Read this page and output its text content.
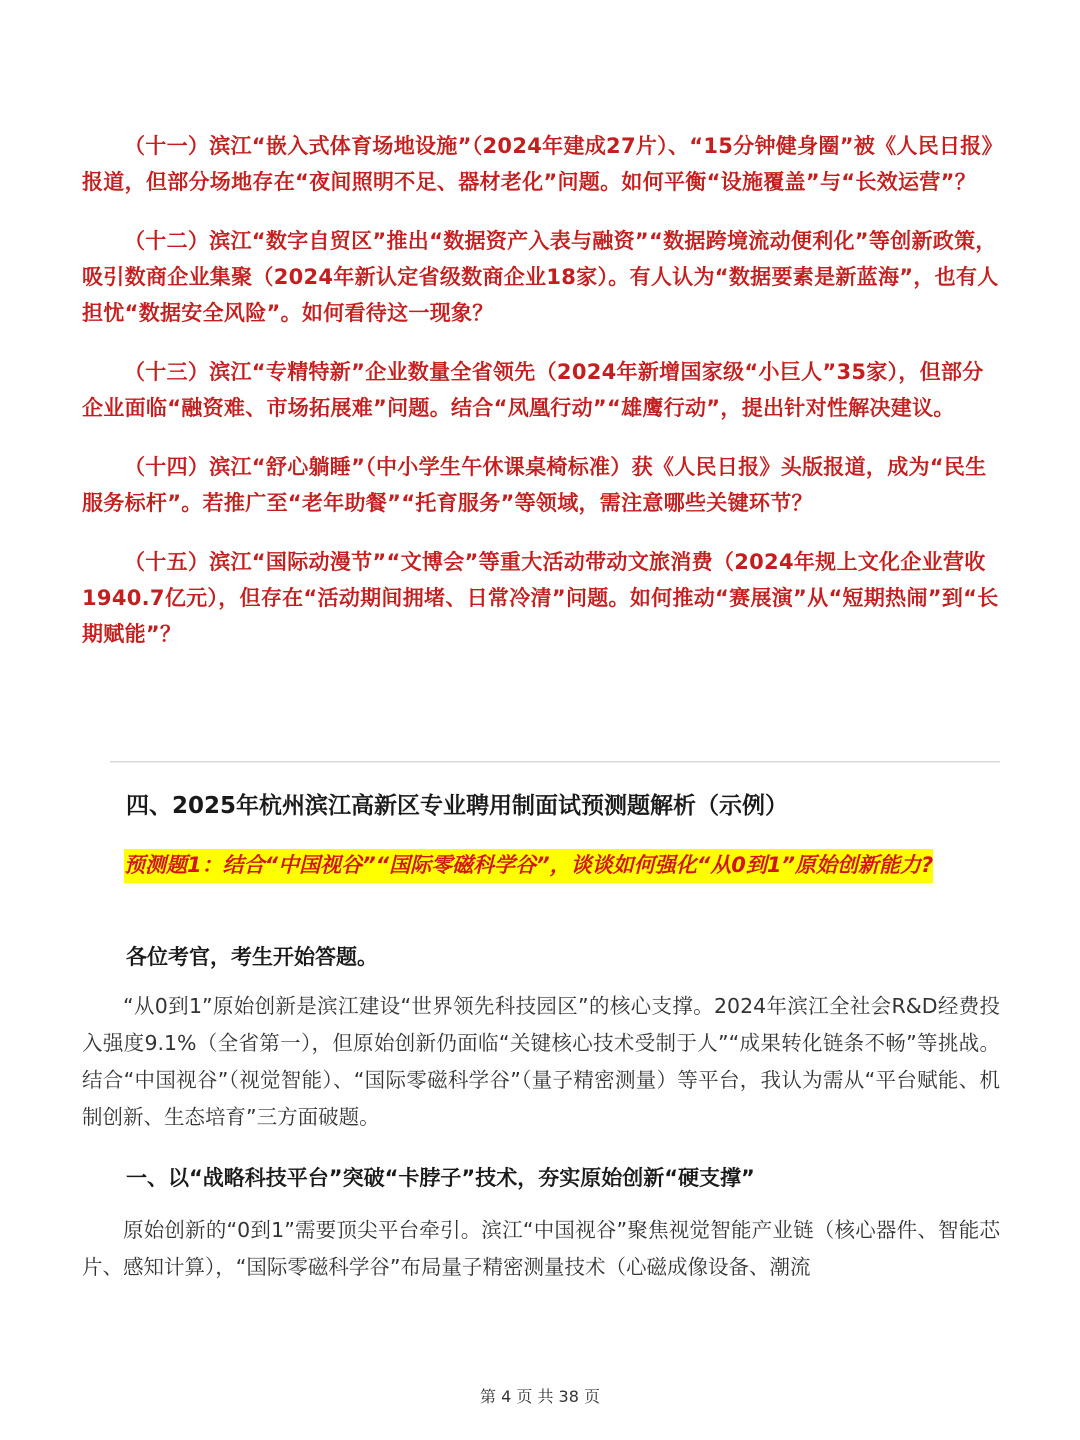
（十一）滨江“嵌入式体育场地设施”（2024年建成27片）、“15分钟健身圈”被《人民日报》报道，但部分场地存在“夜间照明不足、器材老化”问题。如何平衡“设施覆盖”与“长效运营”？

（十二）滨江“数字自贸区”推出“数据资产入表与融资”“数据跨境流动便利化”等创新政策，吸引数商企业集聚（2024年新认定省级数商企业18家）。有人认为“数据要素是新蓝海”，也有人担忧“数据安全风险”。如何看待这一现象？

（十三）滨江“专精特新”企业数量全省领先（2024年新增国家级“小巨人”35家），但部分企业面临“融资难、市场拓展难”问题。结合“凤凰行动”“雄鹰行动”，提出针对性解决建议。

（十四）滨江“舒心躺睡”（中小学生午休课桌椅标准）获《人民日报》头版报道，成为“民生服务标杆”。若推广至“老年助餐”“托育服务”等领域，需注意哪些关键环节？

（十五）滨江“国际动漫节”“文博会”等重大活动带动文旅消费（2024年规上文化企业营收1940.7亿元），但存在“活动期间拥堵、日常冷清”问题。如何推动“赛展演”从“短期热闹”到“长期赋能”？

四、2025年杭州滨江高新区专业聘用制面试预测题解析（示例）

预测题1：结合“中国视谷”“国际零磁科学谷”，谈谈如何强化“从0到1”原始创新能力?

各位考官，考生开始答题。

“从0到1”原始创新是滨江建设“世界领先科技园区”的核心支撑。2024年滨江全社会R&D经费投入强度9.1%（全省第一），但原始创新仍面临“关键核心技术受制于人”“成果转化链条不畅”等挑战。结合“中国视谷”（视觉智能）、“国际零磁科学谷”（量子精密测量）等平台，我认为需从“平台赋能、机制创新、生态培育”三方面破题。

一、以“战略科技平台”突破“卡脖子”技术，夯实原始创新“硬支撑”

原始创新的“0到1”需要顶尖平台牵引。滨江“中国视谷”聚焦视觉智能产业链（核心器件、智能芯片、感知计算），“国际零磁科学谷”布局量子精密测量技术（心磁成像设备、潮流

第 4 页 共 38 页
